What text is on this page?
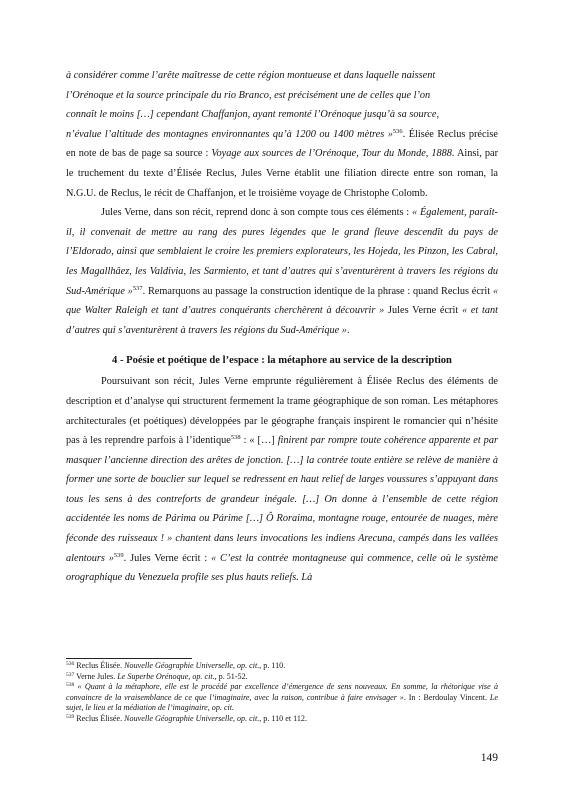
à considérer comme l’arête maîtresse de cette région montueuse et dans laquelle naissent
l’Orénoque et la source principale du rio Branco, est précisément une de celles que l’on
connaît le moins […] cependant Chaffanjon, ayant remonté l’Orénoque jusqu’à sa source,
n’évalue l’altitude des montagnes environnantes qu’à 1200 ou 1400 mètres »$^{536}$. Élisée Reclus précise en note de bas de page sa source : Voyage aux sources de l’Orénoque, Tour du Monde, 1888. Ainsi, par le truchement du texte d’Élisée Reclus, Jules Verne établit une filiation directe entre son roman, la N.G.U. de Reclus, le récit de Chaffanjon, et le troisième voyage de Christophe Colomb.

Jules Verne, dans son récit, reprend donc à son compte tous ces éléments : « Également, paraît-il, il convenait de mettre au rang des pures légendes que le grand fleuve descendît du pays de l’Eldorado, ainsi que semblaient le croire les premiers explorateurs, les Hojeda, les Pinzon, les Cabral, les Magallhâez, les Valdivia, les Sarmiento, et tant d’autres qui s’aventurèrent à travers les régions du Sud-Amérique »$^{537}$. Remarquons au passage la construction identique de la phrase : quand Reclus écrit « que Walter Raleigh et tant d’autres conquérants cherchèrent à découvrir » Jules Verne écrit « et tant d’autres qui s’aventurèrent à travers les régions du Sud-Amérique ».

4 - Poésie et poétique de l’espace : la métaphore au service de la description

Poursuivant son récit, Jules Verne emprunte régulièrement à Élisée Reclus des éléments de description et d’analyse qui structurent fermement la trame géographique de son roman. Les métaphores architecturales (et poétiques) développées par le géographe français inspirent le romancier qui n’hésite pas à les reprendre parfois à l’identique$^{538}$ : « […] finirent par rompre toute cohérence apparente et par masquer l’ancienne direction des arêtes de jonction. […] la contrée toute entière se relève de manière à former une sorte de bouclier sur lequel se redressent en haut relief de larges voussures s’appuyant dans tous les sens à des contreforts de grandeur inégale. […] On donne à l’ensemble de cette région accidentée les noms de Párima ou Párime […] Ô Roraima, montagne rouge, entourée de nuages, mère féconde des ruisseaux ! » chantent dans leurs invocations les indiens Arecuna, campés dans les vallées alentours »$^{539}$. Jules Verne écrit : « C’est la contrée montagneuse qui commence, celle où le système orographique du Venezuela profile ses plus hauts reliefs. Là

$^{536}$ Reclus Élisée. Nouvelle Géographie Universelle, op. cit., p. 110.

$^{537}$ Verne Jules. Le Superbe Orénoque, op. cit., p. 51-52.

$^{538}$ « Quant à la métaphore, elle est le procédé par excellence d’émergence de sens nouveaux. En somme, la rhétorique vise à convaincre de la vraisemblance de ce que l’imaginaire, avec la raison, contribue à faire envisager ». In : Berdoulay Vincent. Le sujet, le lieu et la médiation de l’imaginaire, op. cit.

$^{539}$ Reclus Élisée. Nouvelle Géographie Universelle, op. cit., p. 110 et 112.

149
